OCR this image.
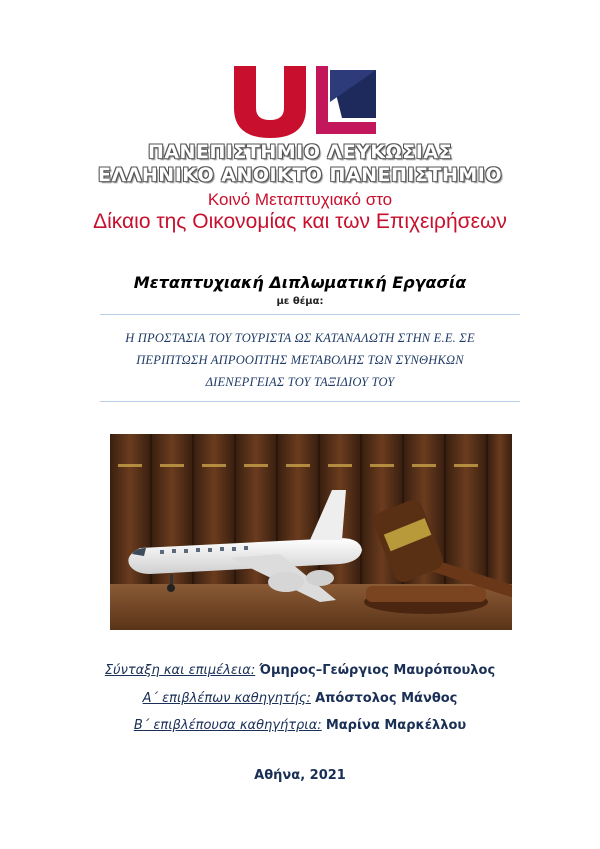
ΠΑΝΕΠΙΣΤΗΜΙΟ ΛΕΥΚΩΣΙΑΣ
ΕΛΛΗΝΙΚΟ ΑΝΟΙΚΤΟ ΠΑΝΕΠΙΣΤΗΜΙΟ
Κοινό Μεταπτυχιακό στο
Δίκαιο της Οικονομίας και των Επιχειρήσεων
Μεταπτυχιακή Διπλωματική Εργασία
με θέμα:
Η ΠΡΟΣΤΑΣΙΑ ΤΟΥ ΤΟΥΡΙΣΤΑ ΩΣ ΚΑΤΑΝΑΛΩΤΗ ΣΤΗΝ Ε.Ε. ΣΕ
ΠΕΡΙΠΤΩΣΗ ΑΠΡΟΟΠΤΗΣ ΜΕΤΑΒΟΛΗΣ ΤΩΝ ΣΥΝΘΗΚΩΝ
ΔΙΕΝΕΡΓΕΙΑΣ ΤΟΥ ΤΑΞΙΔΙΟΥ ΤΟΥ
Σύνταξη και επιμέλεια: Όμηρος–Γεώργιος Μαυρόπουλος
Α΄ επιβλέπων καθηγητής: Απόστολος Μάνθος
Β΄ επιβλέπουσα καθηγήτρια: Μαρίνα Μαρκέλλου
Αθήνα, 2021
